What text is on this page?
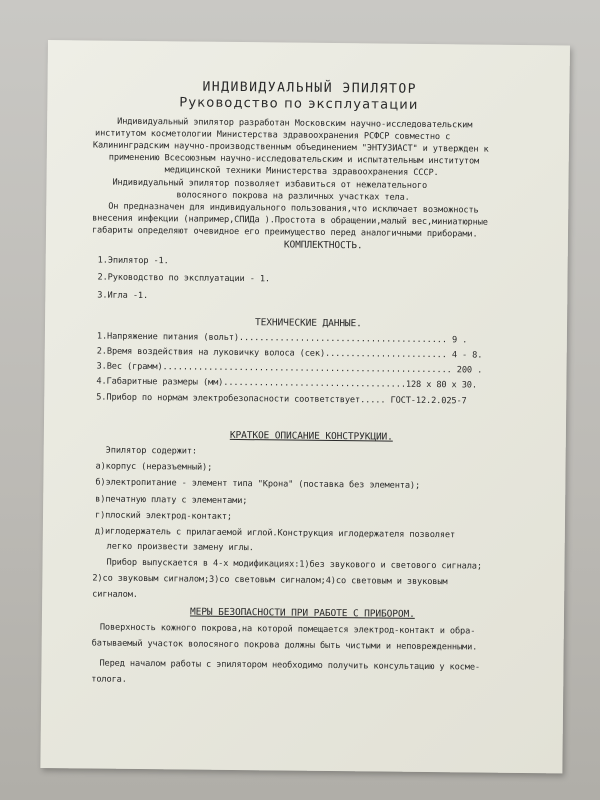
ИНДИВИДУАЛЬНЫЙ ЭПИЛЯТОР
Руководство по эксплуатации
Индивидуальный эпилятор разработан Московским научно-исследовательским
институтом косметологии Министерства здравоохранения РСФСР совместно с
Калининградским научно-производственным объединением "ЭНТУЗИАСТ" и утвержден к
применению Всесоюзным научно-исследовательским и испытательным институтом
медицинской техники Министерства здравоохранения СССР.
Индивидуальный эпилятор позволяет избавиться от нежелательного
волосяного покрова на различных участках тела.
Он предназначен для индивидуального пользования,что исключает возможность
внесения инфекции (например,СПИДа ).Простота в обращении,малый вес,миниатюрные
габариты определяют очевидное его преимущество перед аналогичными приборами.
КОМПЛЕКТНОСТЬ.
1.Эпилятор -1.
2.Руководство по эксплуатации - 1.
3.Игла -1.
ТЕХНИЧЕСКИЕ ДАННЫЕ.
1.Напряжение питания (вольт)......................................... 9 .
2.Время воздействия на луковичку волоса (сек)........................ 4 - 8.
3.Вес (грамм)......................................................... 200 .
4.Габаритные размеры (мм)....................................128 х 80 х 30.
5.Прибор по нормам электробезопасности соответствует..... ГОСТ-12.2.025-7
КРАТКОЕ ОПИСАНИЕ КОНСТРУКЦИИ.
Эпилятор содержит:
а)корпус (неразъемный);
б)электропитание - элемент типа "Крона" (поставка без элемента);
в)печатную плату с элементами;
г)плоский электрод-контакт;
д)иглодержатель с прилагаемой иглой.Конструкция иглодержателя позволяет
легко произвести замену иглы.
Прибор выпускается в 4-х модификациях:1)без звукового и светового сигнала;
2)со звуковым сигналом;3)со световым сигналом;4)со световым и звуковым
сигналом.
МЕРЫ БЕЗОПАСНОСТИ ПРИ РАБОТЕ С ПРИБОРОМ.
Поверхность кожного покрова,на которой помещается электрод-контакт и обра-
батываемый участок волосяного покрова должны быть чистыми и неповрежденными.
Перед началом работы с эпилятором необходимо получить консультацию у косме-
толога.
